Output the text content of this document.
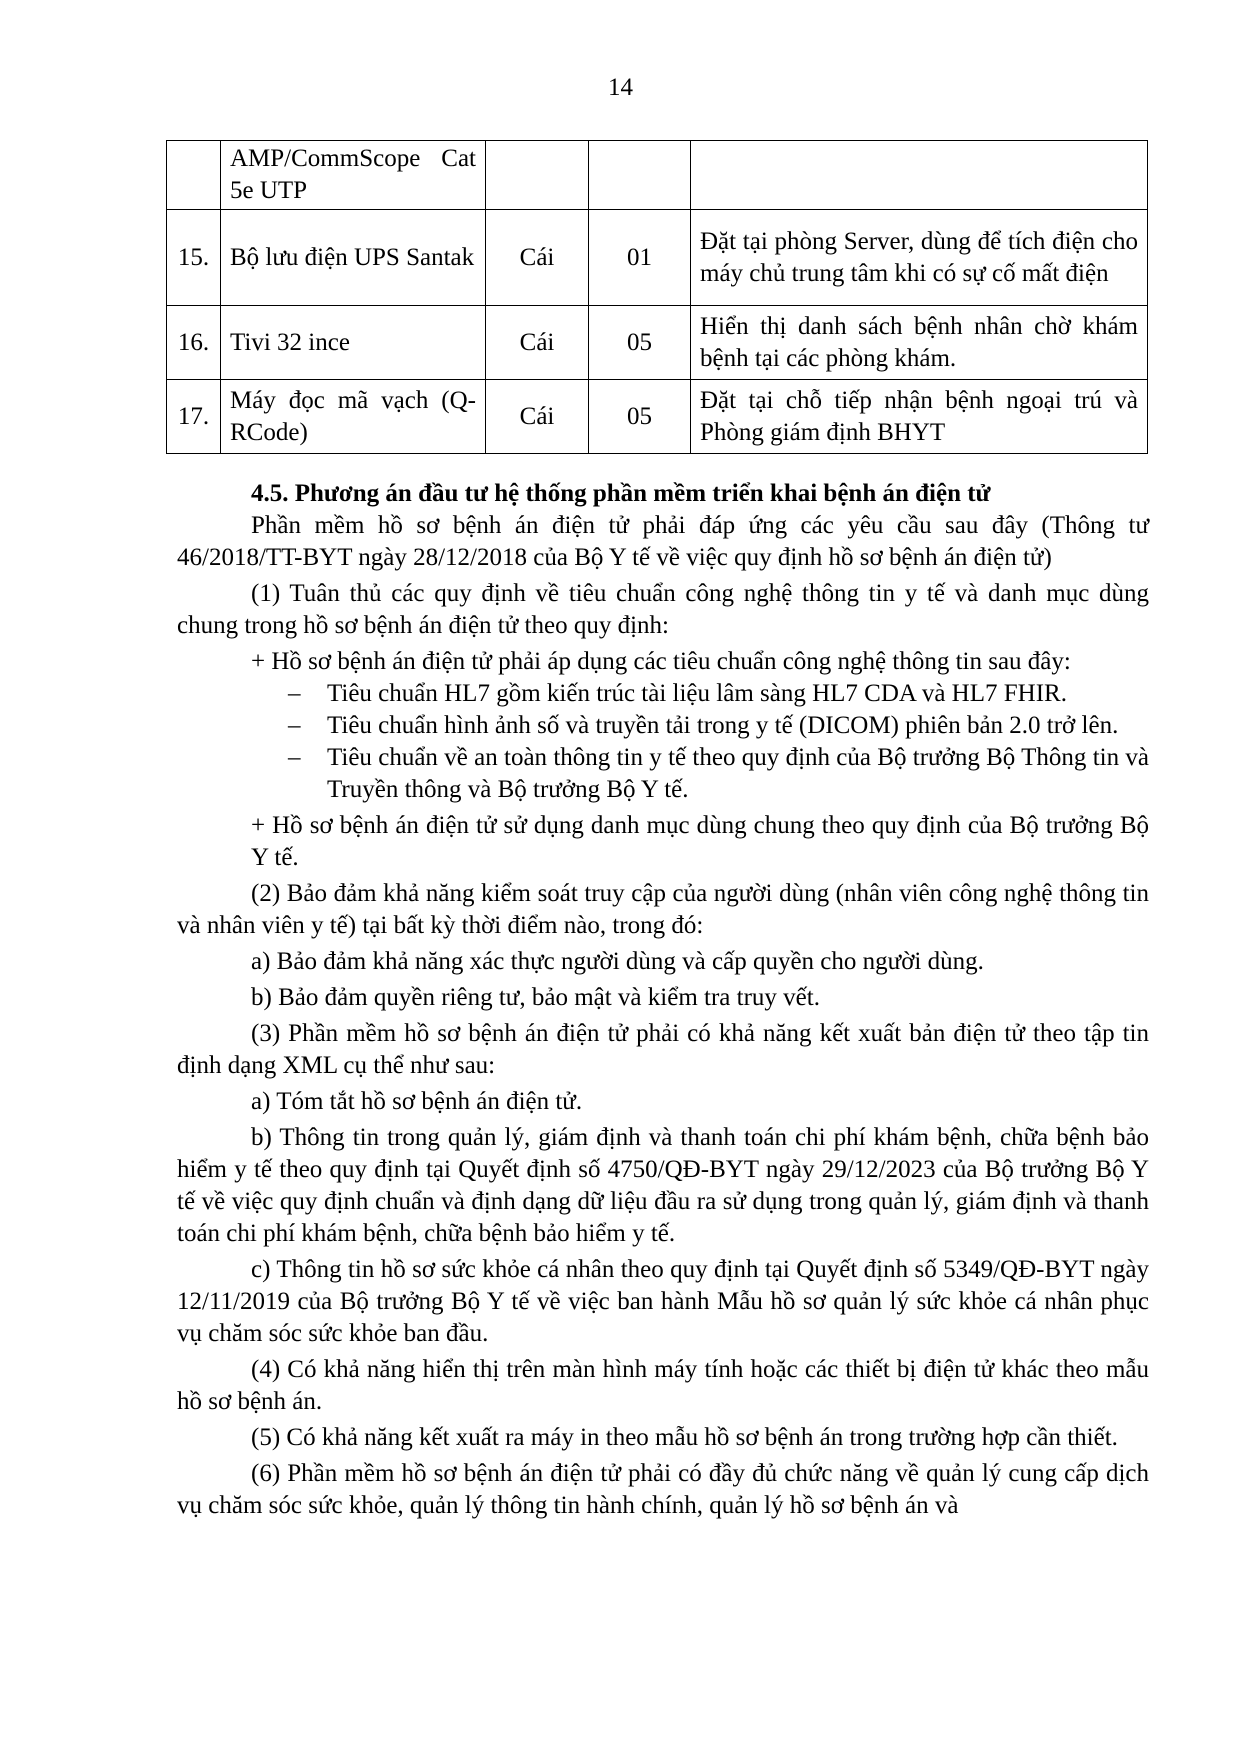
14
	AMP/CommScope Cat 5e UTP			
15.	Bộ lưu điện UPS Santak	Cái	01	Đặt tại phòng Server, dùng để tích điện cho máy chủ trung tâm khi có sự cố mất điện
16.	Tivi 32 ince	Cái	05	Hiển thị danh sách bệnh nhân chờ khám bệnh tại các phòng khám.
17.	Máy đọc mã vạch (Q-RCode)	Cái	05	Đặt tại chỗ tiếp nhận bệnh ngoại trú và Phòng giám định BHYT
4.5. Phương án đầu tư hệ thống phần mềm triển khai bệnh án điện tử

Phần mềm hồ sơ bệnh án điện tử phải đáp ứng các yêu cầu sau đây (Thông tư 46/2018/TT-BYT ngày 28/12/2018 của Bộ Y tế về việc quy định hồ sơ bệnh án điện tử)

(1) Tuân thủ các quy định về tiêu chuẩn công nghệ thông tin y tế và danh mục dùng chung trong hồ sơ bệnh án điện tử theo quy định:

+ Hồ sơ bệnh án điện tử phải áp dụng các tiêu chuẩn công nghệ thông tin sau đây:

– Tiêu chuẩn HL7 gồm kiến trúc tài liệu lâm sàng HL7 CDA và HL7 FHIR.
– Tiêu chuẩn hình ảnh số và truyền tải trong y tế (DICOM) phiên bản 2.0 trở lên.
– Tiêu chuẩn về an toàn thông tin y tế theo quy định của Bộ trưởng Bộ Thông tin và Truyền thông và Bộ trưởng Bộ Y tế.

+ Hồ sơ bệnh án điện tử sử dụng danh mục dùng chung theo quy định của Bộ trưởng Bộ Y tế.

(2) Bảo đảm khả năng kiểm soát truy cập của người dùng (nhân viên công nghệ thông tin và nhân viên y tế) tại bất kỳ thời điểm nào, trong đó:

a) Bảo đảm khả năng xác thực người dùng và cấp quyền cho người dùng.

b) Bảo đảm quyền riêng tư, bảo mật và kiểm tra truy vết.

(3) Phần mềm hồ sơ bệnh án điện tử phải có khả năng kết xuất bản điện tử theo tập tin định dạng XML cụ thể như sau:

a) Tóm tắt hồ sơ bệnh án điện tử.

b) Thông tin trong quản lý, giám định và thanh toán chi phí khám bệnh, chữa bệnh bảo hiểm y tế theo quy định tại Quyết định số 4750/QĐ-BYT ngày 29/12/2023 của Bộ trưởng Bộ Y tế về việc quy định chuẩn và định dạng dữ liệu đầu ra sử dụng trong quản lý, giám định và thanh toán chi phí khám bệnh, chữa bệnh bảo hiểm y tế.

c) Thông tin hồ sơ sức khỏe cá nhân theo quy định tại Quyết định số 5349/QĐ-BYT ngày 12/11/2019 của Bộ trưởng Bộ Y tế về việc ban hành Mẫu hồ sơ quản lý sức khỏe cá nhân phục vụ chăm sóc sức khỏe ban đầu.

(4) Có khả năng hiển thị trên màn hình máy tính hoặc các thiết bị điện tử khác theo mẫu hồ sơ bệnh án.

(5) Có khả năng kết xuất ra máy in theo mẫu hồ sơ bệnh án trong trường hợp cần thiết.

(6) Phần mềm hồ sơ bệnh án điện tử phải có đầy đủ chức năng về quản lý cung cấp dịch vụ chăm sóc sức khỏe, quản lý thông tin hành chính, quản lý hồ sơ bệnh án và
